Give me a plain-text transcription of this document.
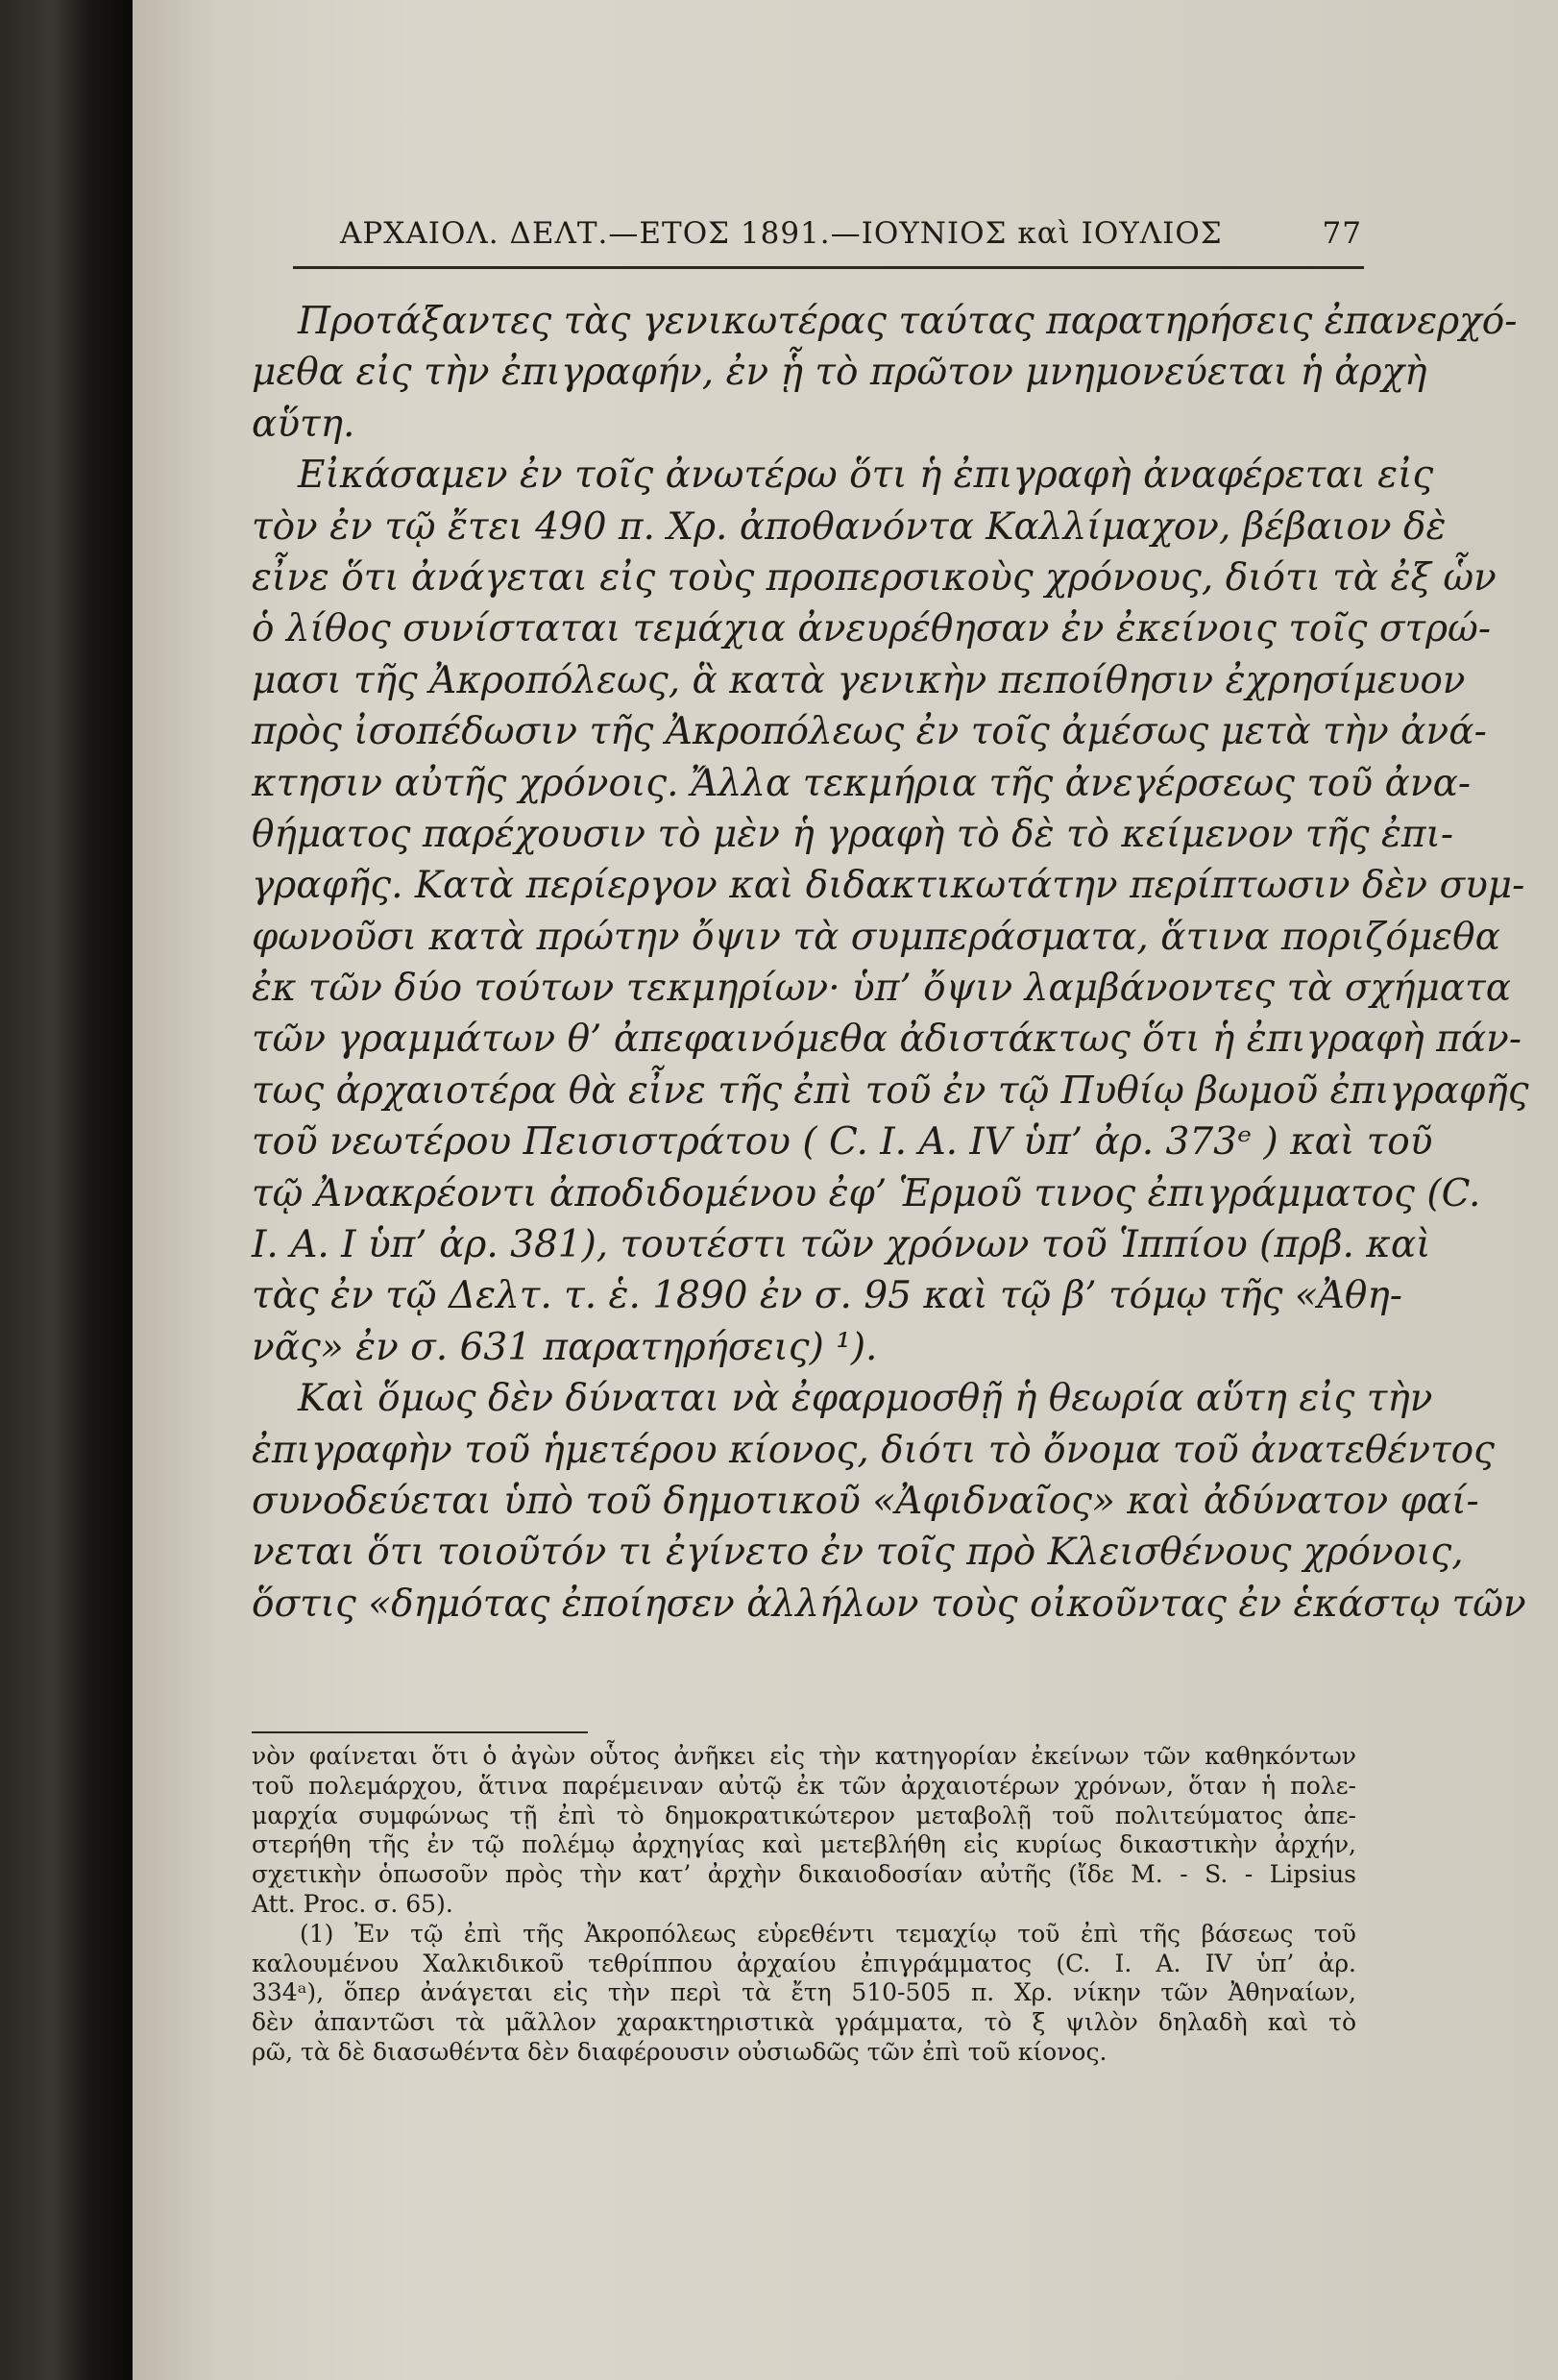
ΑΡΧΑΙΟΛ. ΔΕΛΤ.—ΕΤΟΣ 1891.—ΙΟΥΝΙΟΣ καὶ ΙΟΥΛΙΟΣ	77
Προτάξαντες τὰς γενικωτέρας ταύτας παρατηρήσεις ἐπανερχό-
μεθα εἰς τὴν ἐπιγραφήν, ἐν ᾗ τὸ πρῶτον μνημονεύεται ἡ ἀρχὴ
αὕτη.
Εἰκάσαμεν ἐν τοῖς ἀνωτέρω ὅτι ἡ ἐπιγραφὴ ἀναφέρεται εἰς
τὸν ἐν τῷ ἔτει 490 π. Χρ. ἀποθανόντα Καλλίμαχον, βέβαιον δὲ
εἶνε ὅτι ἀνάγεται εἰς τοὺς προπερσικοὺς χρόνους, διότι τὰ ἐξ ὧν
ὁ λίθος συνίσταται τεμάχια ἀνευρέθησαν ἐν ἐκείνοις τοῖς στρώ-
μασι τῆς Ἀκροπόλεως, ἃ κατὰ γενικὴν πεποίθησιν ἐχρησίμευον
πρὸς ἰσοπέδωσιν τῆς Ἀκροπόλεως ἐν τοῖς ἀμέσως μετὰ τὴν ἀνά-
κτησιν αὐτῆς χρόνοις. Ἄλλα τεκμήρια τῆς ἀνεγέρσεως τοῦ ἀνα-
θήματος παρέχουσιν τὸ μὲν ἡ γραφὴ τὸ δὲ τὸ κείμενον τῆς ἐπι-
γραφῆς. Κατὰ περίεργον καὶ διδακτικωτάτην περίπτωσιν δὲν συμ-
φωνοῦσι κατὰ πρώτην ὄψιν τὰ συμπεράσματα, ἅτινα ποριζόμεθα
ἐκ τῶν δύο τούτων τεκμηρίων· ὑπ’ ὄψιν λαμβάνοντες τὰ σχήματα
τῶν γραμμάτων θ’ ἀπεφαινόμεθα ἀδιστάκτως ὅτι ἡ ἐπιγραφὴ πάν-
τως ἀρχαιοτέρα θὰ εἶνε τῆς ἐπὶ τοῦ ἐν τῷ Πυθίῳ βωμοῦ ἐπιγραφῆς
τοῦ νεωτέρου Πεισιστράτου ( C. I. A. IV ὑπ’ ἀρ. 373ᵉ ) καὶ τοῦ
τῷ Ἀνακρέοντι ἀποδιδομένου ἐφ’ Ἑρμοῦ τινος ἐπιγράμματος (C.
I. A. I ὑπ’ ἀρ. 381), τουτέστι τῶν χρόνων τοῦ Ἱππίου (πρβ. καὶ
τὰς ἐν τῷ Δελτ. τ. ἑ. 1890 ἐν σ. 95 καὶ τῷ β’ τόμῳ τῆς «Ἀθη-
νᾶς» ἐν σ. 631 παρατηρήσεις) ¹).
Καὶ ὅμως δὲν δύναται νὰ ἐφαρμοσθῇ ἡ θεωρία αὕτη εἰς τὴν
ἐπιγραφὴν τοῦ ἡμετέρου κίονος, διότι τὸ ὄνομα τοῦ ἀνατεθέντος
συνοδεύεται ὑπὸ τοῦ δημοτικοῦ «Ἀφιδναῖος» καὶ ἀδύνατον φαί-
νεται ὅτι τοιοῦτόν τι ἐγίνετο ἐν τοῖς πρὸ Κλεισθένους χρόνοις,
ὅστις «δημότας ἐποίησεν ἀλλήλων τοὺς οἰκοῦντας ἐν ἑκάστῳ τῶν
νὸν φαίνεται ὅτι ὁ ἀγὼν οὗτος ἀνῆκει εἰς τὴν κατηγορίαν ἐκείνων τῶν καθηκόντων
τοῦ πολεμάρχου, ἅτινα παρέμειναν αὐτῷ ἐκ τῶν ἀρχαιοτέρων χρόνων, ὅταν ἡ πολε-
μαρχία συμφώνως τῇ ἐπὶ τὸ δημοκρατικώτερον μεταβολῇ τοῦ πολιτεύματος ἀπε-
στερήθη τῆς ἐν τῷ πολέμῳ ἀρχηγίας καὶ μετεβλήθη εἰς κυρίως δικαστικὴν ἀρχήν,
σχετικὴν ὁπωσοῦν πρὸς τὴν κατ’ ἀρχὴν δικαιοδοσίαν αὐτῆς (ἴδε M. - S. - Lipsius
Att. Proc. σ. 65).
(1) Ἐν τῷ ἐπὶ τῆς Ἀκροπόλεως εὑρεθέντι τεμαχίῳ τοῦ ἐπὶ τῆς βάσεως τοῦ
καλουμένου Χαλκιδικοῦ τεθρίππου ἀρχαίου ἐπιγράμματος (C. I. A. IV ὑπ’ ἀρ.
334ᵃ), ὅπερ ἀνάγεται εἰς τὴν περὶ τὰ ἔτη 510-505 π. Χρ. νίκην τῶν Ἀθηναίων,
δὲν ἀπαντῶσι τὰ μᾶλλον χαρακτηριστικὰ γράμματα, τὸ ξ ψιλὸν δηλαδὴ καὶ τὸ
ρῶ, τὰ δὲ διασωθέντα δὲν διαφέρουσιν οὐσιωδῶς τῶν ἐπὶ τοῦ κίονος.
